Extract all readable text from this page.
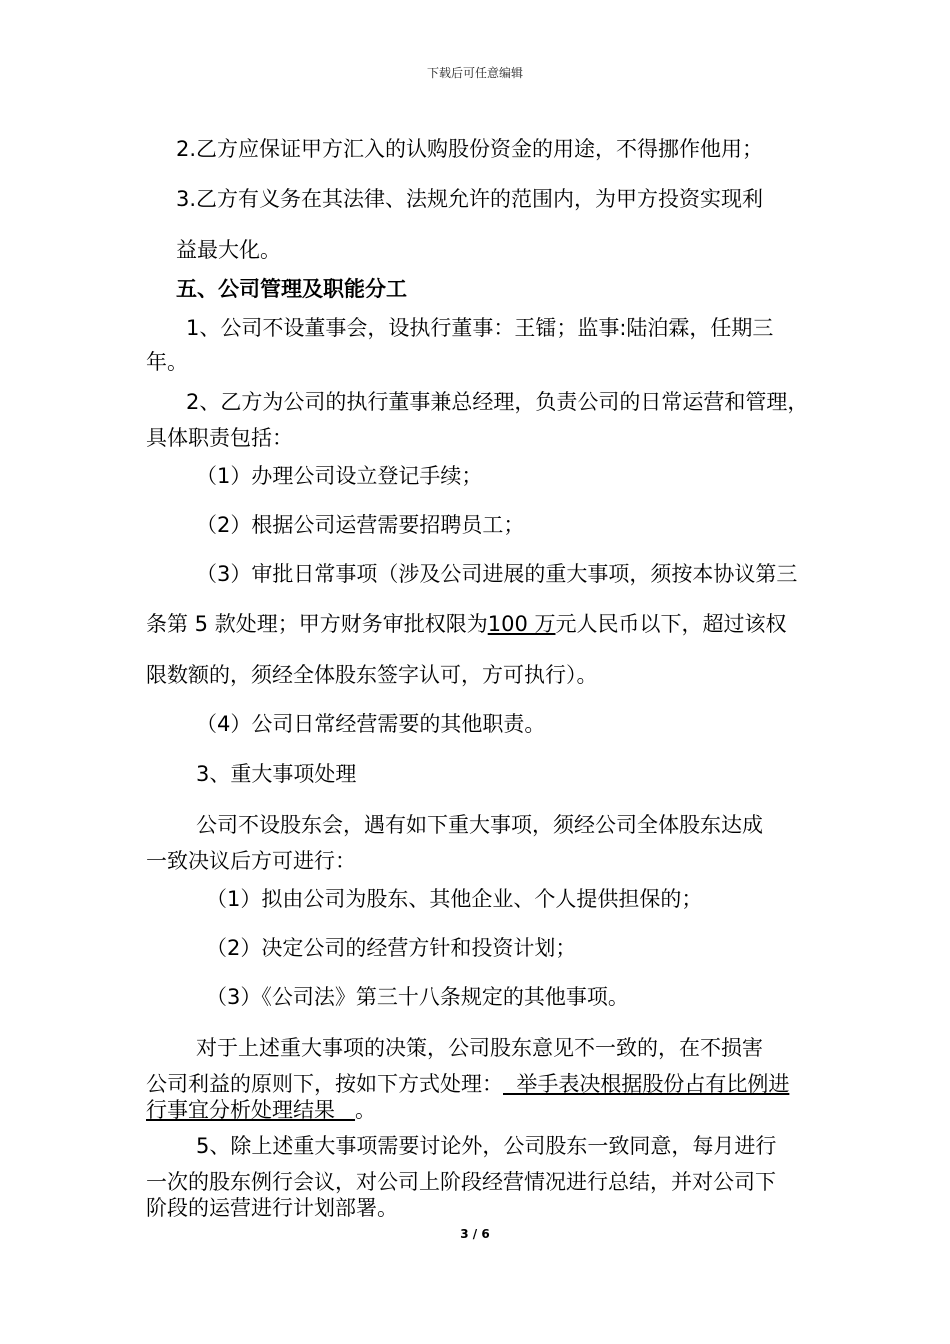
下载后可任意编辑
2.乙方应保证甲方汇入的认购股份资金的用途，不得挪作他用；
3.乙方有义务在其法律、法规允许的范围内，为甲方投资实现利
益最大化。
五、公司管理及职能分工
1、公司不设董事会，设执行董事：王镭；监事:陆泊霖，任期三
年。
2、乙方为公司的执行董事兼总经理，负责公司的日常运营和管理，
具体职责包括：
（1）办理公司设立登记手续；
（2）根据公司运营需要招聘员工；
（3）审批日常事项（涉及公司进展的重大事项，须按本协议第三
条第 5 款处理；甲方财务审批权限为100 万元人民币以下，超过该权
限数额的，须经全体股东签字认可，方可执行）。
（4）公司日常经营需要的其他职责。
3、重大事项处理
公司不设股东会，遇有如下重大事项，须经公司全体股东达成
一致决议后方可进行：
（1）拟由公司为股东、其他企业、个人提供担保的；
（2）决定公司的经营方针和投资计划；
（3）《公司法》第三十八条规定的其他事项。
对于上述重大事项的决策，公司股东意见不一致的，在不损害
公司利益的原则下，按如下方式处理：  举手表决根据股份占有比例进
行事宜分析处理结果   。
5、除上述重大事项需要讨论外，公司股东一致同意，每月进行
一次的股东例行会议，对公司上阶段经营情况进行总结，并对公司下
阶段的运营进行计划部署。
3 / 6
